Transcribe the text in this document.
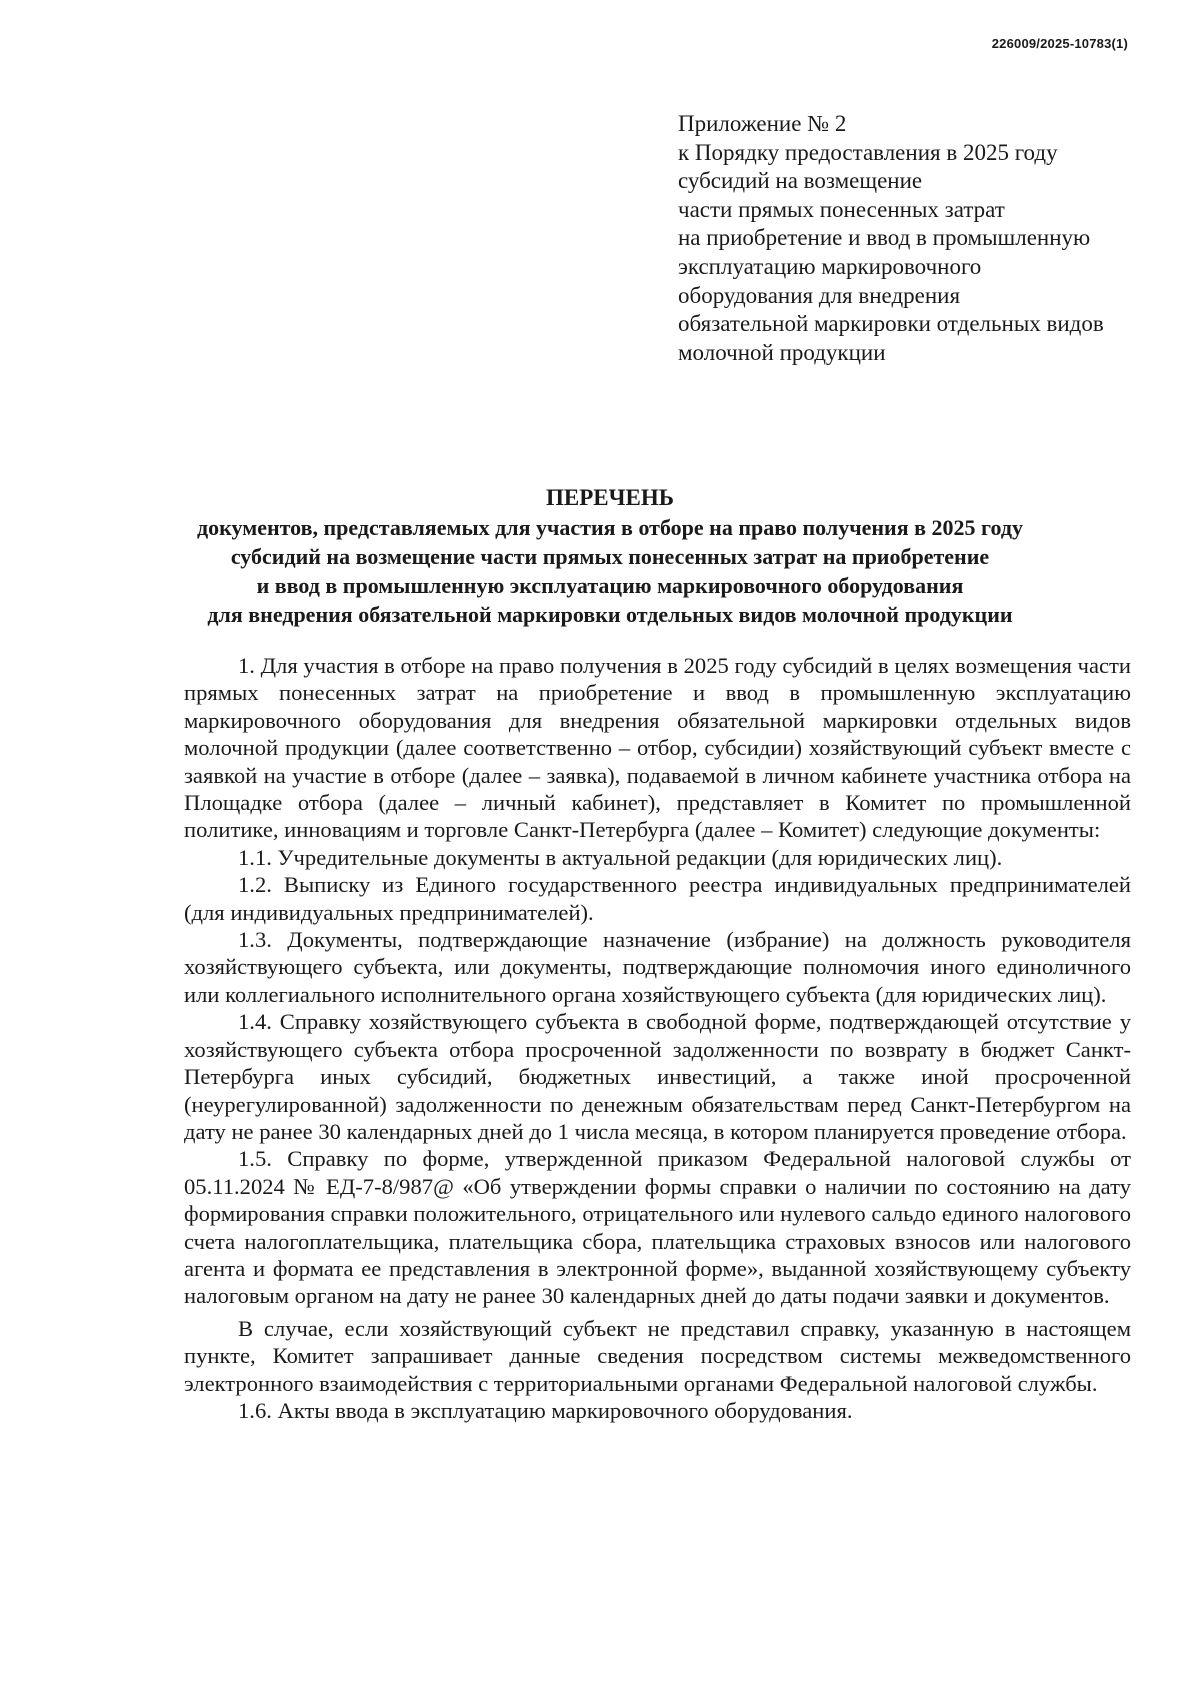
226009/2025-10783(1)
Приложение № 2
к Порядку предоставления в 2025 году
субсидий на возмещение
части прямых понесенных затрат
на приобретение и ввод в промышленную
эксплуатацию маркировочного
оборудования для внедрения
обязательной маркировки отдельных видов
молочной продукции
ПЕРЕЧЕНЬ
документов, представляемых для участия в отборе на право получения в 2025 году
субсидий на возмещение части прямых понесенных затрат на приобретение
и ввод в промышленную эксплуатацию маркировочного оборудования
для внедрения обязательной маркировки отдельных видов молочной продукции

1. Для участия в отборе на право получения в 2025 году субсидий в целях возмещения части прямых понесенных затрат на приобретение и ввод в промышленную эксплуатацию маркировочного оборудования для внедрения обязательной маркировки отдельных видов молочной продукции (далее соответственно – отбор, субсидии) хозяйствующий субъект вместе с заявкой на участие в отборе (далее – заявка), подаваемой в личном кабинете участника отбора на Площадке отбора (далее – личный кабинет), представляет в Комитет по промышленной политике, инновациям и торговле Санкт-Петербурга (далее – Комитет) следующие документы:

1.1. Учредительные документы в актуальной редакции (для юридических лиц).

1.2. Выписку из Единого государственного реестра индивидуальных предпринимателей (для индивидуальных предпринимателей).

1.3. Документы, подтверждающие назначение (избрание) на должность руководителя хозяйствующего субъекта, или документы, подтверждающие полномочия иного единоличного или коллегиального исполнительного органа хозяйствующего субъекта (для юридических лиц).

1.4. Справку хозяйствующего субъекта в свободной форме, подтверждающей отсутствие у хозяйствующего субъекта отбора просроченной задолженности по возврату в бюджет Санкт-Петербурга иных субсидий, бюджетных инвестиций, а также иной просроченной (неурегулированной) задолженности по денежным обязательствам перед Санкт-Петербургом на дату не ранее 30 календарных дней до 1 числа месяца, в котором планируется проведение отбора.

1.5. Справку по форме, утвержденной приказом Федеральной налоговой службы от 05.11.2024 № ЕД-7-8/987@ «Об утверждении формы справки о наличии по состоянию на дату формирования справки положительного, отрицательного или нулевого сальдо единого налогового счета налогоплательщика, плательщика сбора, плательщика страховых взносов или налогового агента и формата ее представления в электронной форме», выданной хозяйствующему субъекту налоговым органом на дату не ранее 30 календарных дней до даты подачи заявки и документов.

В случае, если хозяйствующий субъект не представил справку, указанную в настоящем пункте, Комитет запрашивает данные сведения посредством системы межведомственного электронного взаимодействия с территориальными органами Федеральной налоговой службы.

1.6. Акты ввода в эксплуатацию маркировочного оборудования.
